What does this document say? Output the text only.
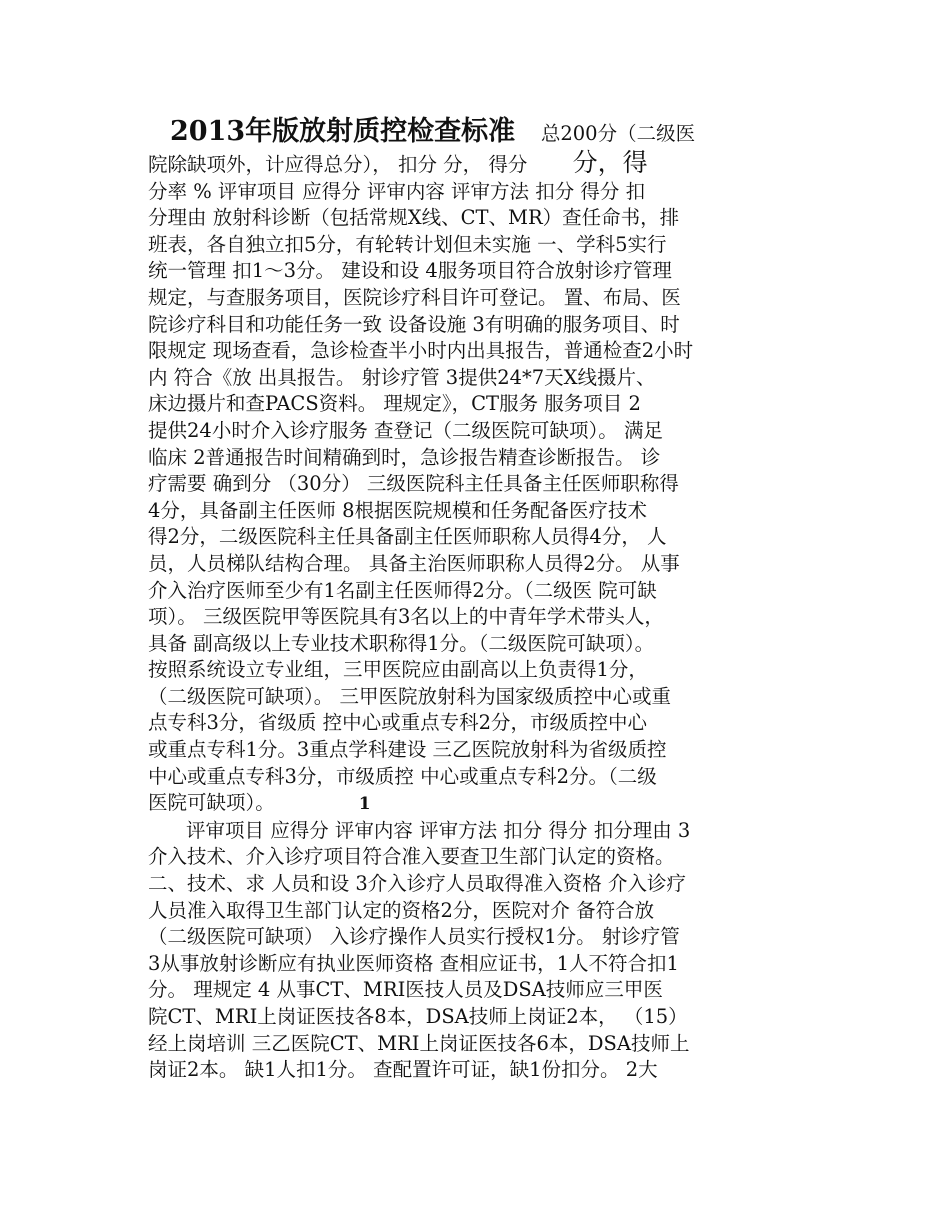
2013年版放射质控检查标准　 总200分（二级医
院除缺项外，计应得总分）， 扣分 分， 得分　　 分，得
分率 % 评审项目 应得分 评审内容 评审方法 扣分 得分 扣
分理由 放射科诊断（包括常规X线、CT、MR）查任命书，排
班表，各自独立扣5分，有轮转计划但未实施 一、学科5实行
统一管理 扣1～3分。 建设和设 4服务项目符合放射诊疗管理
规定，与查服务项目，医院诊疗科目许可登记。 置、布局、医
院诊疗科目和功能任务一致 设备设施 3有明确的服务项目、时
限规定 现场查看，急诊检查半小时内出具报告，普通检查2小时
内 符合《放 出具报告。 射诊疗管 3提供24*7天X线摄片、
床边摄片和查PACS资料。 理规定》，CT服务 服务项目 2
提供24小时介入诊疗服务 查登记（二级医院可缺项）。 满足
临床 2普通报告时间精确到时，急诊报告精查诊断报告。 诊
疗需要 确到分 （30分） 三级医院科主任具备主任医师职称得
4分，具备副主任医师 8根据医院规模和任务配备医疗技术
得2分，二级医院科主任具备副主任医师职称人员得4分， 人
员，人员梯队结构合理。 具备主治医师职称人员得2分。 从事
介入治疗医师至少有1名副主任医师得2分。（二级医 院可缺
项）。 三级医院甲等医院具有3名以上的中青年学术带头人，
具备 副高级以上专业技术职称得1分。（二级医院可缺项）。
按照系统设立专业组，三甲医院应由副高以上负责得1分，
（二级医院可缺项）。 三甲医院放射科为国家级质控中心或重
点专科3分，省级质 控中心或重点专科2分，市级质控中心
或重点专科1分。3重点学科建设 三乙医院放射科为省级质控
中心或重点专科3分，市级质控 中心或重点专科2分。（二级
医院可缺项）。	1
评审项目 应得分 评审内容 评审方法 扣分 得分 扣分理由 3
介入技术、介入诊疗项目符合准入要查卫生部门认定的资格。
二、技术、求 人员和设 3介入诊疗人员取得准入资格 介入诊疗
人员准入取得卫生部门认定的资格2分，医院对介 备符合放
（二级医院可缺项） 入诊疗操作人员实行授权1分。 射诊疗管
3从事放射诊断应有执业医师资格 查相应证书，1人不符合扣1
分。 理规定 4 从事CT、MRI医技人员及DSA技师应三甲医
院CT、MRI上岗证医技各8本，DSA技师上岗证2本， （15）
经上岗培训 三乙医院CT、MRI上岗证医技各6本，DSA技师上
岗证2本。 缺1人扣1分。 查配置许可证，缺1份扣分。 2大
